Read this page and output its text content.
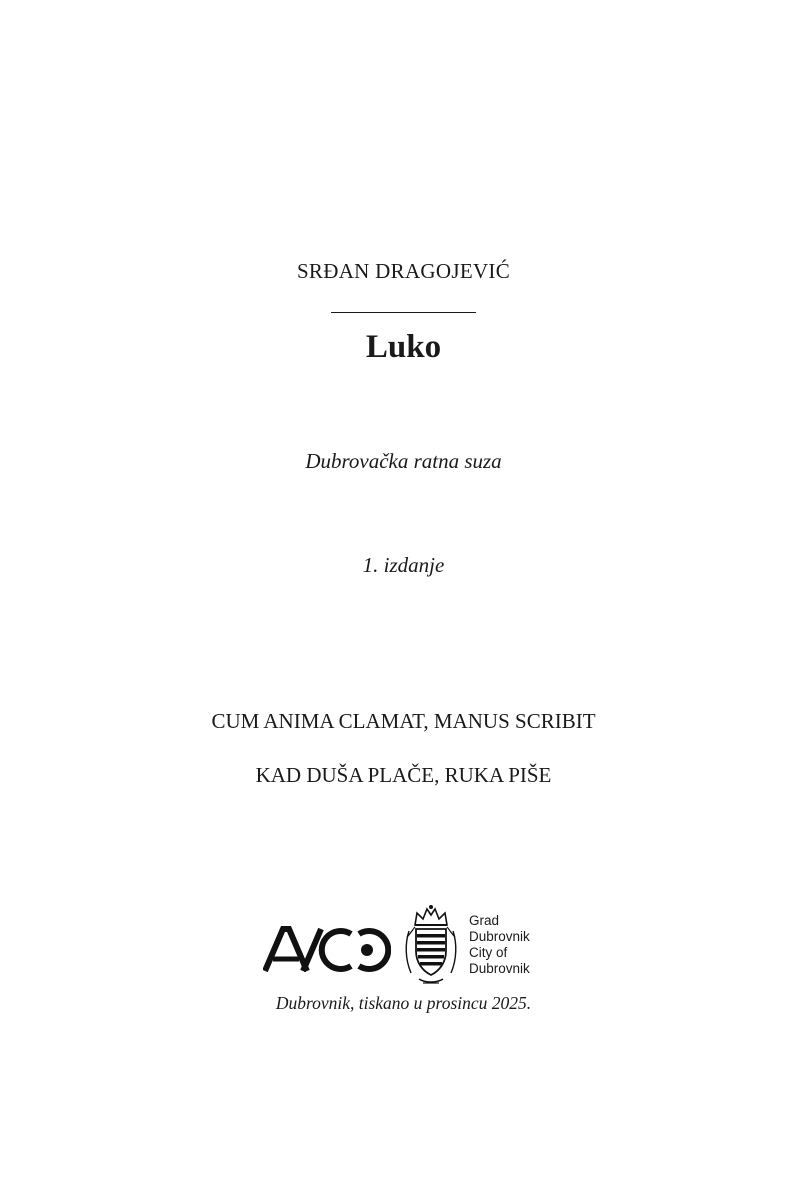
SRĐAN DRAGOJEVIĆ
Luko
Dubrovačka ratna suza
1. izdanje
CUM ANIMA CLAMAT, MANUS SCRIBIT
KAD DUŠA PLAČE, RUKA PIŠE
Grad
Dubrovnik
City of
Dubrovnik
Dubrovnik, tiskano u prosincu 2025.
